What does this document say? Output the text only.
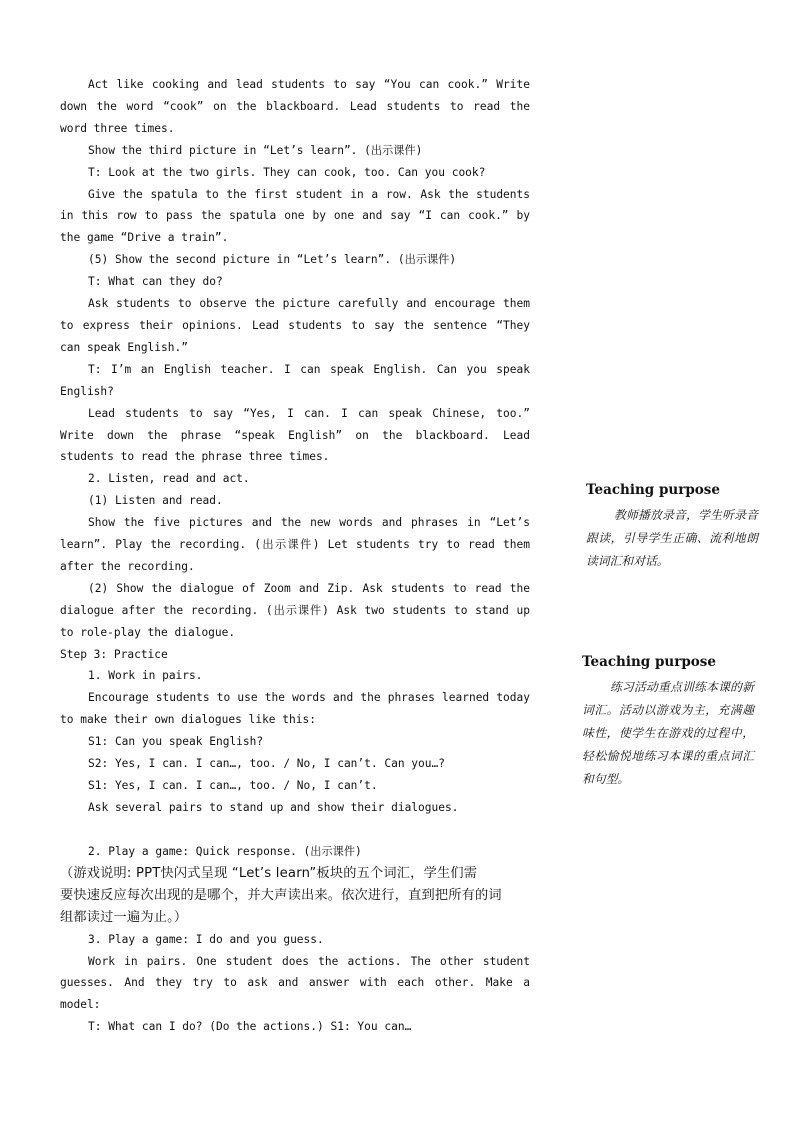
Act like cooking and lead students to say “You can cook.” Write down the word “cook” on the blackboard. Lead students to read the word three times.

Show the third picture in “Let’s learn”. (出示课件)

T: Look at the two girls. They can cook, too. Can you cook?

Give the spatula to the first student in a row. Ask the students in this row to pass the spatula one by one and say “I can cook.” by the game “Drive a train”.

(5) Show the second picture in “Let’s learn”. (出示课件)

T: What can they do?

Ask students to observe the picture carefully and encourage them to express their opinions. Lead students to say the sentence “They can speak English.”

T: I’m an English teacher. I can speak English. Can you speak English?

Lead students to say “Yes, I can. I can speak Chinese, too.” Write down the phrase “speak English” on the blackboard. Lead students to read the phrase three times.

2. Listen, read and act.

(1) Listen and read.

Show the five pictures and the new words and phrases in “Let’s learn”. Play the recording. (出示课件) Let students try to read them after the recording.

(2) Show the dialogue of Zoom and Zip. Ask students to read the dialogue after the recording. (出示课件) Ask two students to stand up to role-play the dialogue.

Step 3: Practice

1. Work in pairs.

Encourage students to use the words and the phrases learned today to make their own dialogues like this:

S1: Can you speak English?

S2: Yes, I can. I can…, too. / No, I can’t. Can you…?

S1: Yes, I can. I can…, too. / No, I can’t.

Ask several pairs to stand up and show their dialogues.

2. Play a game: Quick response. (出示课件)

（游戏说明: PPT快闪式呈现 “Let’s learn”板块的五个词汇，学生们需
要快速反应每次出现的是哪个，并大声读出来。依次进行，直到把所有的词
组都读过一遍为止。）

3. Play a game: I do and you guess.

Work in pairs. One student does the actions. The other student guesses. And they try to ask and answer with each other. Make a model:

T: What can I do? (Do the actions.) S1: You can…

Teaching purpose

教师播放录音，学生听录音跟读，引导学生正确、流利地朗读词汇和对话。

Teaching purpose

练习活动重点训练本课的新词汇。活动以游戏为主，充满趣味性，使学生在游戏的过程中，轻松愉悦地练习本课的重点词汇和句型。
